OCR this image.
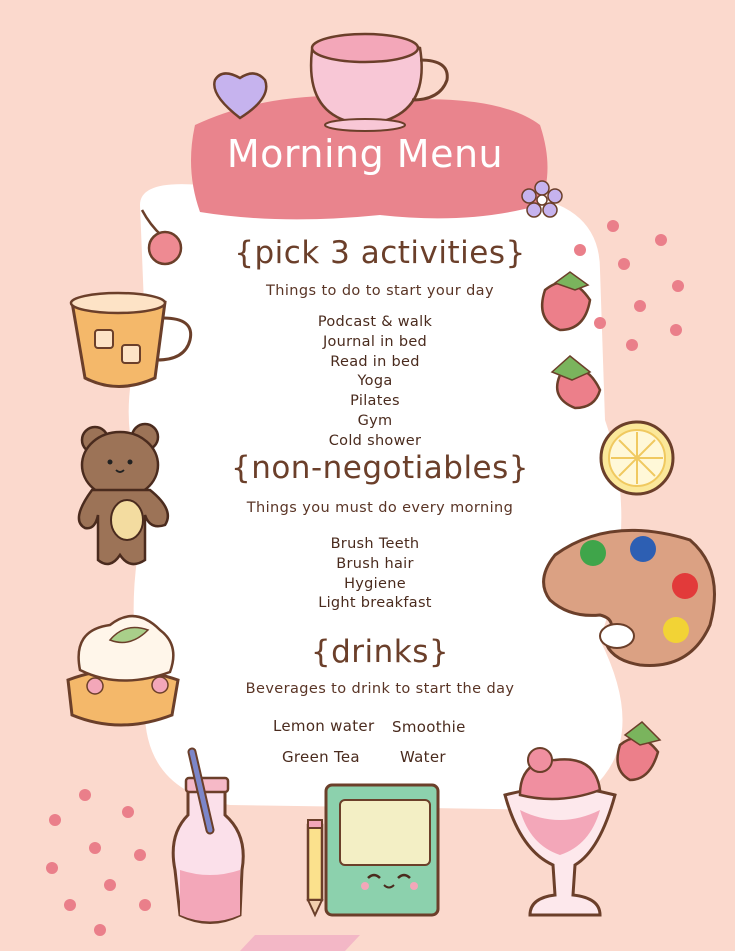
Morning Menu
{pick 3 activities}
Things to do to start your day
Podcast & walk
Journal in bed
Read in bed
Yoga
Pilates
Gym
Cold shower
{non-negotiables}
Things you must do every morning
Brush Teeth
Brush hair
Hygiene
Light breakfast
{drinks}
Beverages to drink to start the day
Lemon water Smoothie
Green Tea	Water
